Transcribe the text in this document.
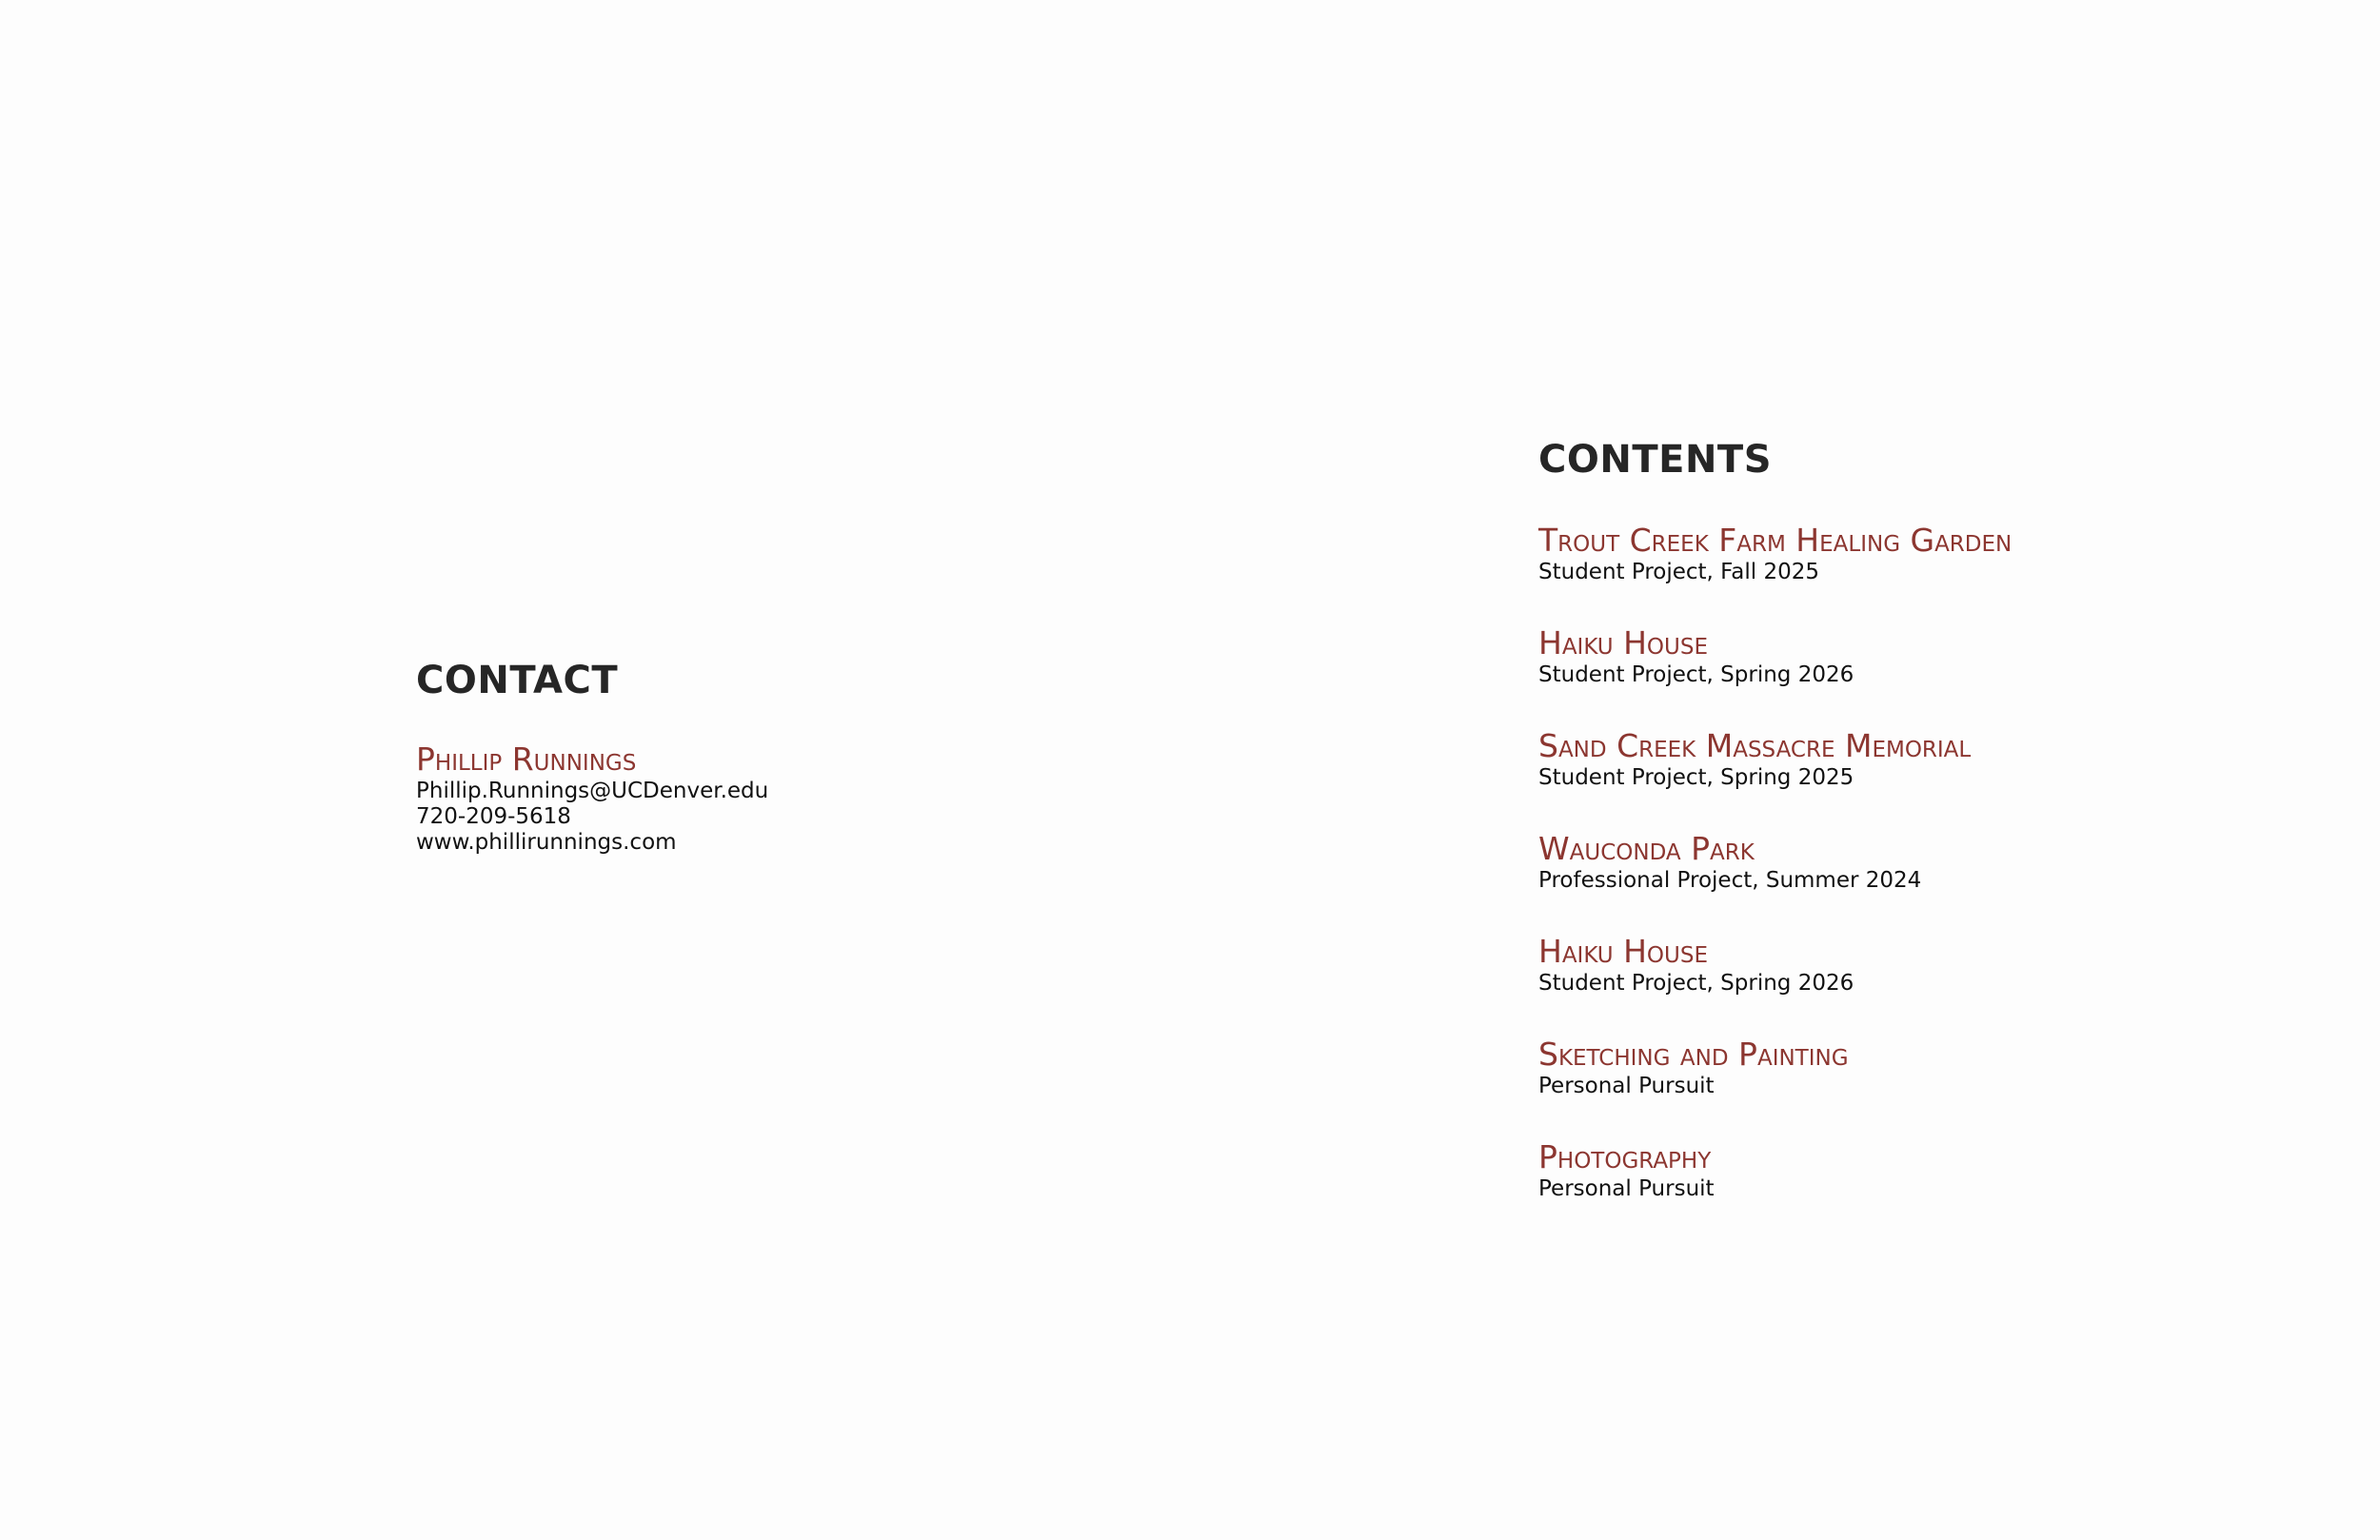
CONTACT
Phillip Runnings
Phillip.Runnings@UCDenver.edu
720-209-5618
www.phillirunnings.com
CONTENTS
Trout Creek Farm Healing Garden
Student Project, Fall 2025
Haiku House
Student Project, Spring 2026
Sand Creek Massacre Memorial
Student Project, Spring 2025
Wauconda Park
Professional Project, Summer 2024
Haiku House
Student Project, Spring 2026
Sketching and Painting
Personal Pursuit
Photography
Personal Pursuit
